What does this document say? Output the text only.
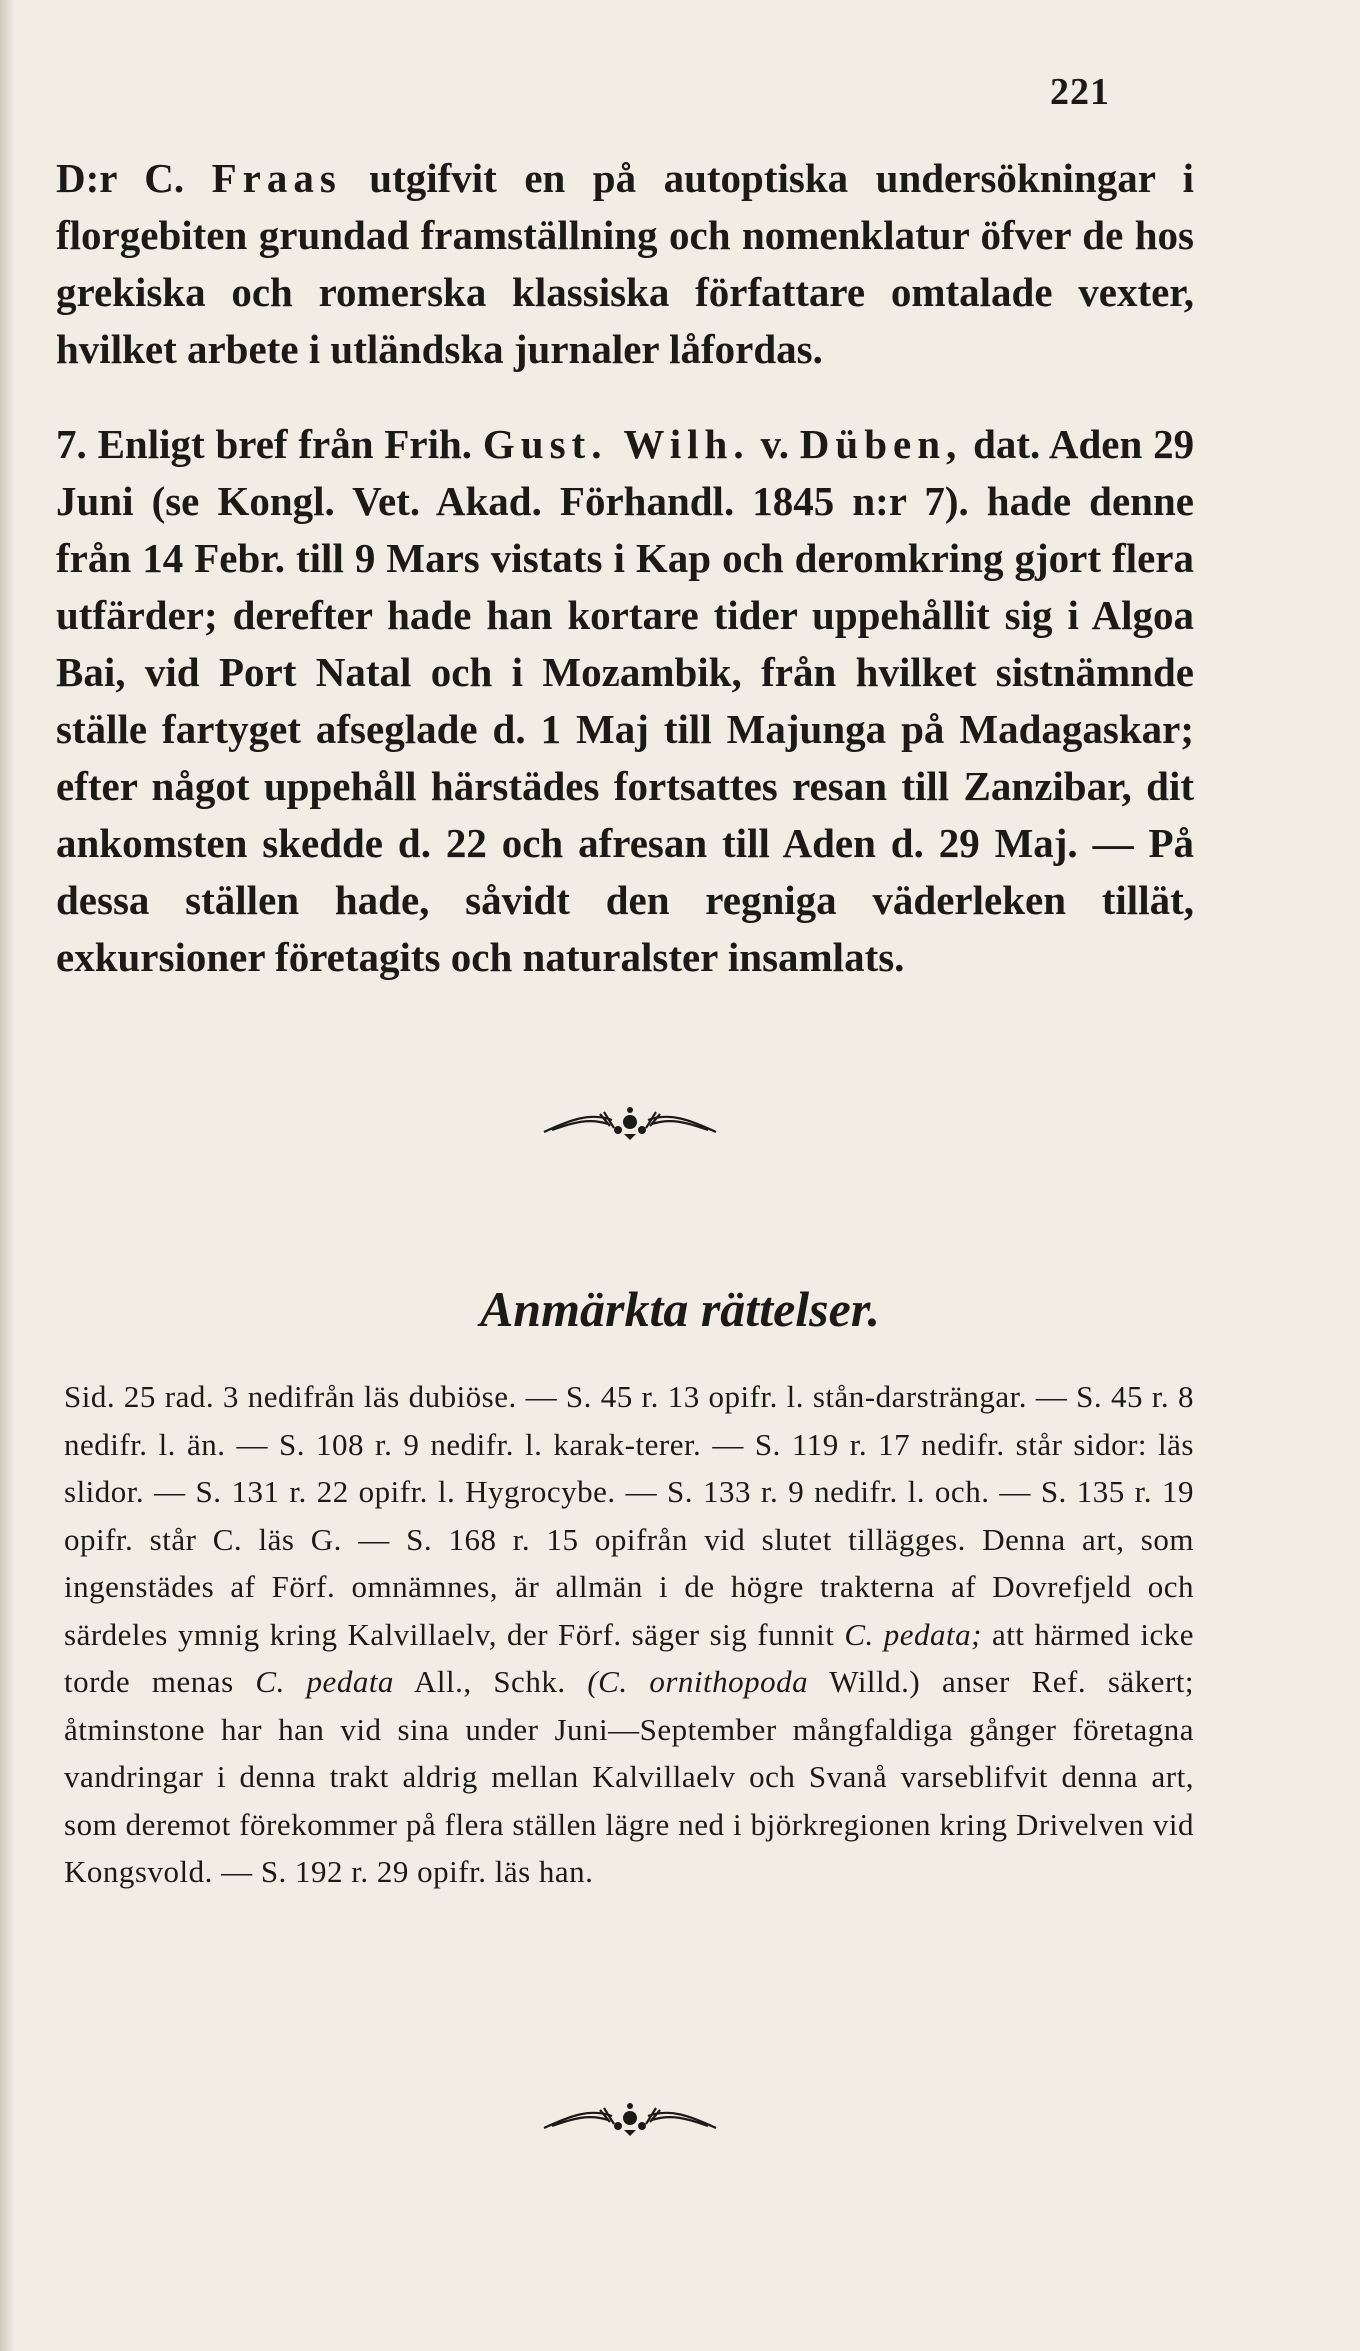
221

D:r C. Fraas utgifvit en på autoptiska undersökningar i florgebiten grundad framställning och nomenklatur öfver de hos grekiska och romerska klassiska författare omtalade vexter, hvilket arbete i utländska jurnaler låfordas.

7. Enligt bref från Frih. Gust. Wilh. v. Düben, dat. Aden 29 Juni (se Kongl. Vet. Akad. Förhandl. 1845 n:r 7). hade denne från 14 Febr. till 9 Mars vistats i Kap och deromkring gjort flera utfärder; derefter hade han kortare tider uppehållit sig i Algoa Bai, vid Port Natal och i Mozambik, från hvilket sistnämnde ställe fartyget afseglade d. 1 Maj till Majunga på Madagaskar; efter något uppehåll härstädes fortsattes resan till Zanzibar, dit ankomsten skedde d. 22 och afresan till Aden d. 29 Maj. — På dessa ställen hade, såvidt den regniga väderleken tillät, exkursioner företagits och naturalster insamlats.

Anmärkta rättelser.
Sid. 25 rad. 3 nedifrån läs dubiöse. — S. 45 r. 13 opifr. l. stån-darsträngar. — S. 45 r. 8 nedifr. l. än. — S. 108 r. 9 nedifr. l. karak-terer. — S. 119 r. 17 nedifr. står sidor: läs slidor. — S. 131 r. 22 opifr. l. Hygrocybe. — S. 133 r. 9 nedifr. l. och. — S. 135 r. 19 opifr. står C. läs G. — S. 168 r. 15 opifrån vid slutet tillägges. Denna art, som ingenstädes af Förf. omnämnes, är allmän i de högre trakterna af Dovrefjeld och särdeles ymnig kring Kalvillaelv, der Förf. säger sig funnit C. pedata; att härmed icke torde menas C. pedata All., Schk. (C. ornithopoda Willd.) anser Ref. säkert; åtminstone har han vid sina under Juni—September mångfaldiga gånger företagna vandringar i denna trakt aldrig mellan Kalvillaelv och Svanå varseblifvit denna art, som deremot förekommer på flera ställen lägre ned i björkregionen kring Drivelven vid Kongsvold. — S. 192 r. 29 opifr. läs han.
